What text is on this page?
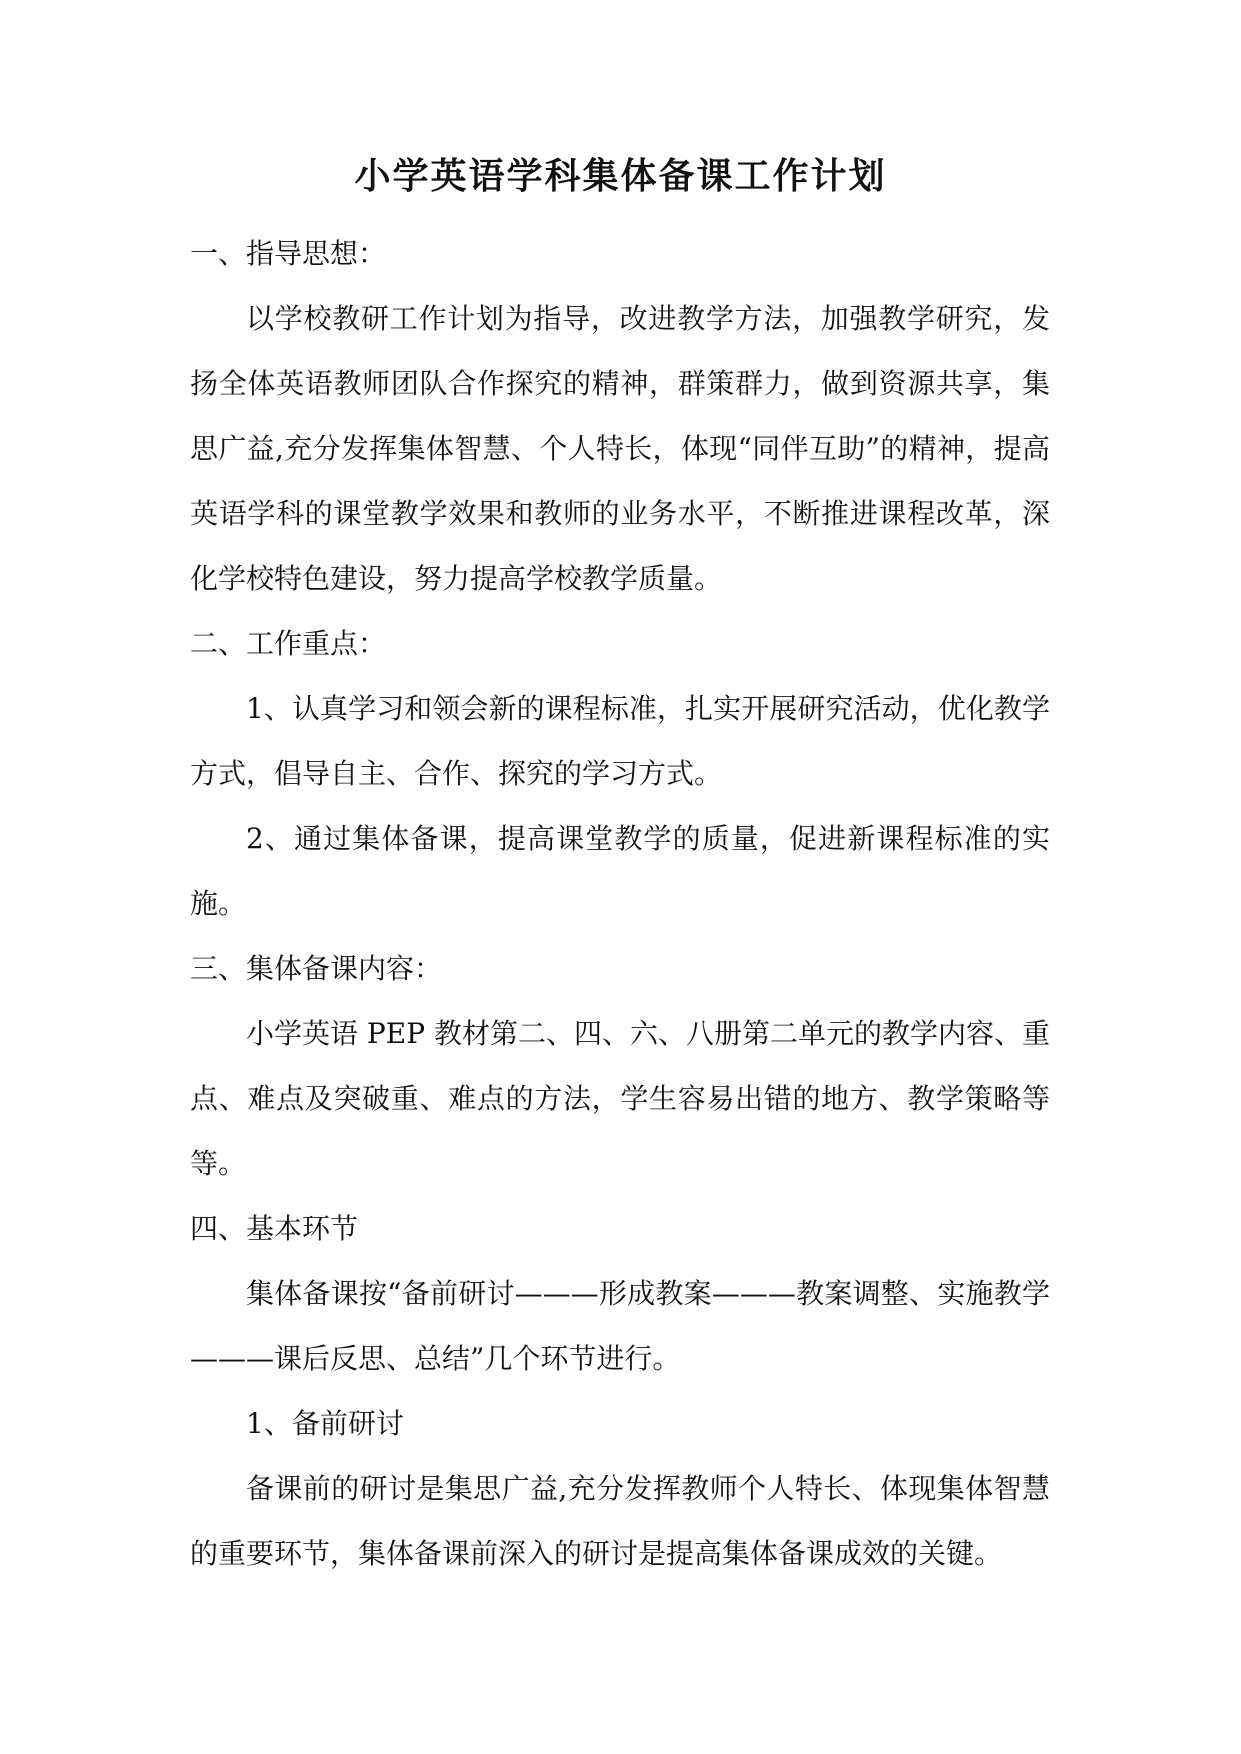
小学英语学科集体备课工作计划

一、指导思想：

以学校教研工作计划为指导，改进教学方法，加强教学研究，发扬全体英语教师团队合作探究的精神，群策群力，做到资源共享，集思广益,充分发挥集体智慧、个人特长，体现“同伴互助”的精神，提高英语学科的课堂教学效果和教师的业务水平，不断推进课程改革，深化学校特色建设，努力提高学校教学质量。

二、工作重点：

1、认真学习和领会新的课程标准，扎实开展研究活动，优化教学方式，倡导自主、合作、探究的学习方式。

2、通过集体备课，提高课堂教学的质量，促进新课程标准的实施。

三、集体备课内容：

小学英语 PEP 教材第二、四、六、八册第二单元的教学内容、重点、难点及突破重、难点的方法，学生容易出错的地方、教学策略等等。

四、基本环节

集体备课按“备前研讨———形成教案———教案调整、实施教学———课后反思、总结”几个环节进行。

1、备前研讨

备课前的研讨是集思广益,充分发挥教师个人特长、体现集体智慧的重要环节，集体备课前深入的研讨是提高集体备课成效的关键。
